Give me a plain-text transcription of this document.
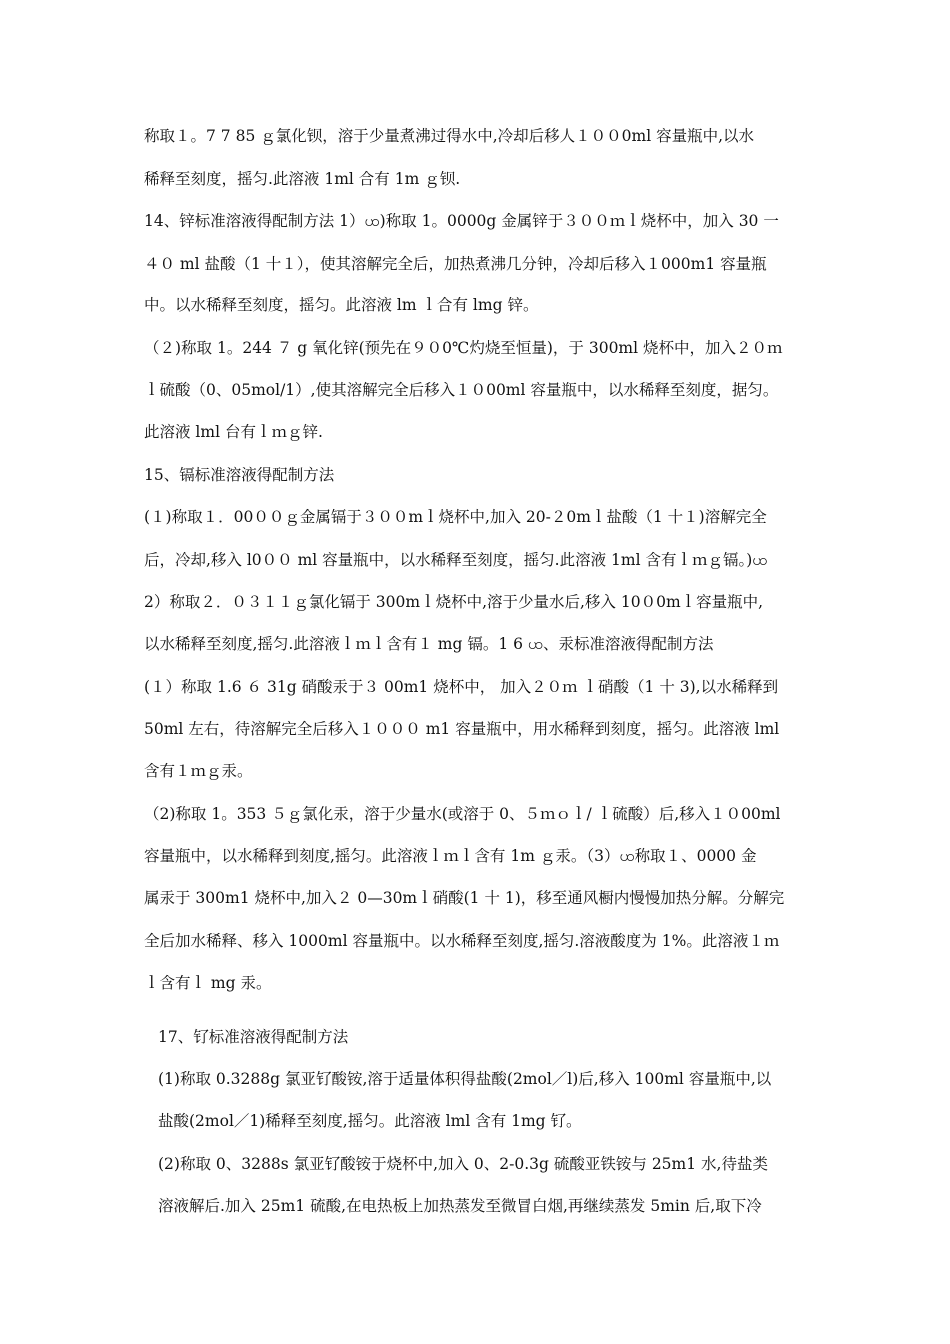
称取１。7 7 85 ｇ氯化钡，溶于少量煮沸过得水中,冷却后移人１００0ml 容量瓶中,以水
稀释至刻度，摇匀.此溶液 1ml 合有 1m ｇ钡.
14、锌标准溶液得配制方法 1）ꩤ)称取 1。0000g 金属锌于３００ｍｌ烧杯中，加入 30 一
４０ ml 盐酸（1 十１），使其溶解完全后，加热煮沸几分钟，冷却后移入１000m1 容量瓶
中。以水稀释至刻度，摇匀。此溶液 lm ｌ合有 lmg 锌。
（２)称取 1。244 ７ g 氧化锌(预先在９０0℃灼烧至恒量)，于 300ml 烧杯中，加入２０ｍ
ｌ硫酸（0、05mol/1）,使其溶解完全后移入１０00ml 容量瓶中，以水稀释至刻度，据匀。
此溶液 lml 台有ｌｍｇ锌.
15、镉标准溶液得配制方法
(１)称取１．00００ｇ金属镉于３００mｌ烧杯中,加入 20-２0mｌ盐酸（1 十１)溶解完全
后，冷却,移入 l0００ ml 容量瓶中，以水稀释至刻度，摇匀.此溶液 1ml 含有ｌｍｇ镉。)ꩤ
2）称取２．０３１１ｇ氯化镉于 300mｌ烧杯中,溶于少量水后,移入 10０0mｌ容量瓶中,
以水稀释至刻度,摇匀.此溶液ｌｍｌ含有１ mg 镉。1 6 ꩤ、汞标准溶液得配制方法
(１）称取 1.6 ６ 31g 硝酸汞于３ 00m1 烧杯中， 加入２０ｍ ｌ硝酸（1 十 3),以水稀释到
50ml 左右，待溶解完全后移入１０００ m1 容量瓶中，用水稀释到刻度，摇匀。此溶液 lml
含有１ｍｇ汞。
（2)称取 1。353 ５ｇ氯化汞，溶于少量水(或溶于 0、５ｍｏｌ/ ｌ硫酸）后,移入１０00ml
容量瓶中，以水稀释到刻度,摇匀。此溶液ｌｍｌ含有 1m ｇ汞。（3）ꩤ称取１、0000 金
属汞于 300m1 烧杯中,加入２ 0—30mｌ硝酸(1 十 1)，移至通风橱内慢慢加热分解。分解完
全后加水稀释、移入 1000ml 容量瓶中。以水稀释至刻度,摇匀.溶液酸度为 1%。此溶液１ｍ
ｌ含有ｌ mg 汞。
17、钌标准溶液得配制方法
(1)称取 0.3288g 氯亚钌酸铵,溶于适量体积得盐酸(2mol／l)后,移入 100ml 容量瓶中,以
盐酸(2mol／1)稀释至刻度,摇匀。此溶液 lml 含有 1mg 钌。
(2)称取 0、3288s 氯亚钌酸铵于烧杯中,加入 0、2-0.3g 硫酸亚铁铵与 25m1 水,待盐类
溶液解后.加入 25m1 硫酸,在电热板上加热蒸发至微冒白烟,再继续蒸发 5min 后,取下冷
